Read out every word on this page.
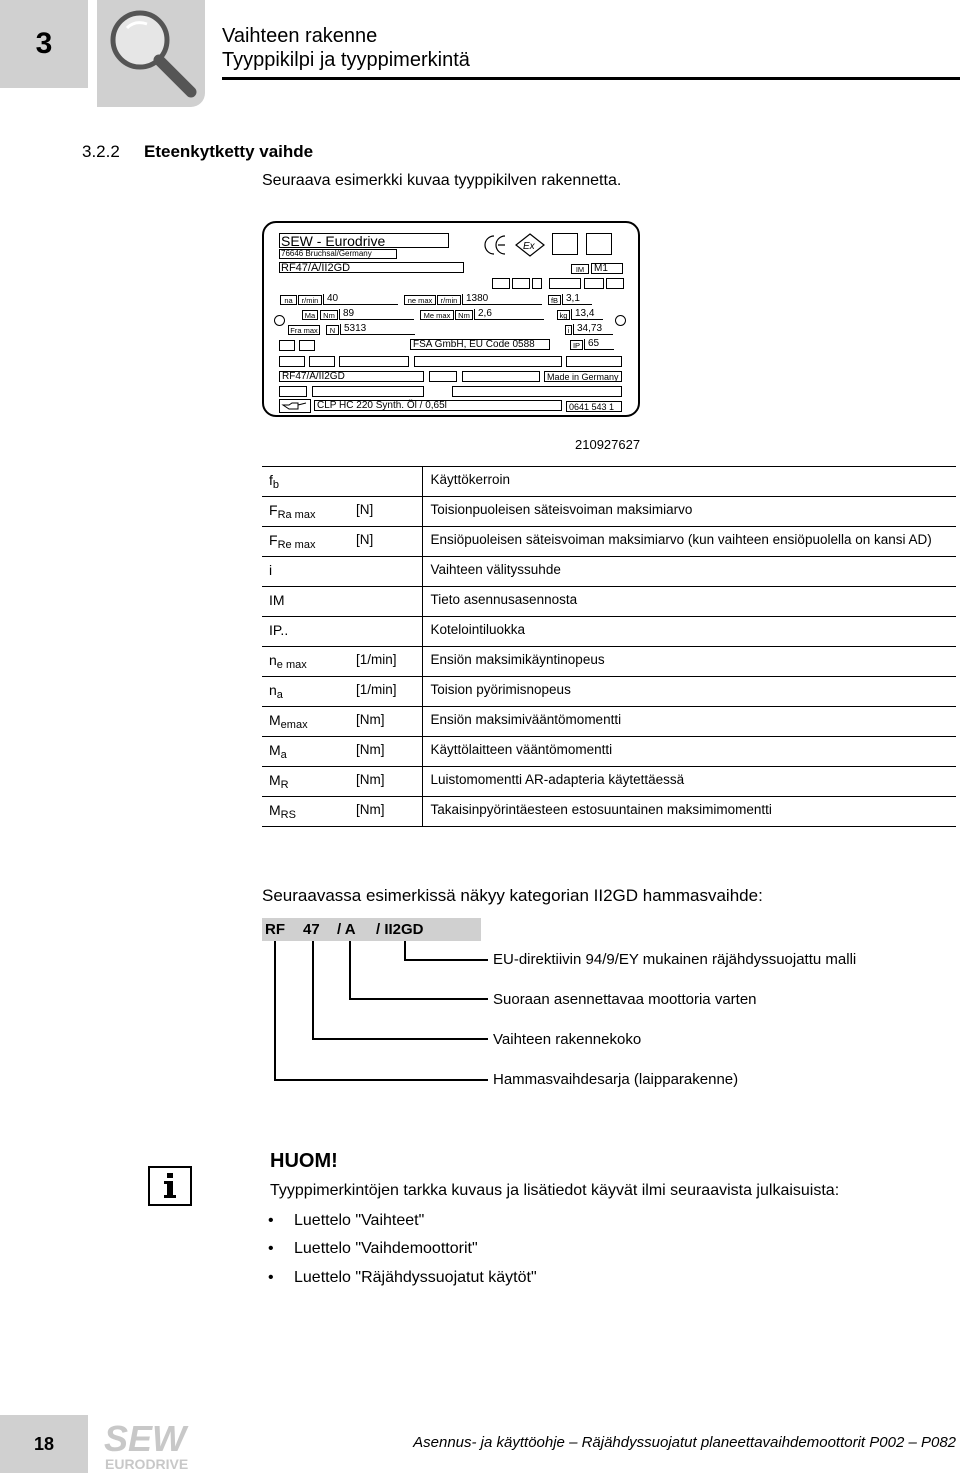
3	Vaihteen rakenne
Tyyppikilpi ja tyyppimerkintä
3.2.2 Eteenkytketty vaihde
Seuraava esimerkki kuvaa tyyppikilven rakennetta.
SEW - Eurodrive
76646 Bruchsal/Germany
Ex
RF47/A/II2GD	IM M1
na	r/min 40	ne max	r/min 1380	fB 3,1
Ma	Nm 89	Me max	Nm 2,6	kg 13,4
Fra max	N 5313	i 34,73
FSA GmbH, EU Code 0588	IP 65
RF47/A/II2GD	Made in Germany
CLP HC 220 Synth. Öl / 0,65l	0641 543 1
210927627
$f_b$		Käyttökerroin
$F_{Ra max}$	[N]	Toisionpuoleisen säteisvoiman maksimiarvo
$F_{Re max}$	[N]	Ensiöpuoleisen säteisvoiman maksimiarvo (kun vaihteen ensiöpuolella on kansi AD)
i		Vaihteen välityssuhde
IM		Tieto asennusasennosta
IP..		Kotelointiluokka
$n_{e max}$	[1/min]	Ensiön maksimikäyntinopeus
$n_a$	[1/min]	Toision pyörimisnopeus
$M_{emax}$	[Nm]	Ensiön maksimivääntömomentti
$M_a$	[Nm]	Käyttölaitteen vääntömomentti
$M_R$	[Nm]	Luistomomentti AR-adapteria käytettäessä
$M_{RS}$	[Nm]	Takaisinpyörintäesteen estosuuntainen maksimimomentti
Seuraavassa esimerkissä näkyy kategorian II2GD hammasvaihde:
RF 47 / A / II2GD
EU-direktiivin 94/9/EY mukainen räjähdyssuojattu malli
Suoraan asennettavaa moottoria varten
Vaihteen rakennekoko
Hammasvaihdesarja (laipparakenne)
HUOM!
Tyyppimerkintöjen tarkka kuvaus ja lisätiedot käyvät ilmi seuraavista julkaisuista:
• Luettelo "Vaihteet"
• Luettelo "Vaihdemoottorit"
• Luettelo "Räjähdyssuojatut käytöt"
18 SEW
EURODRIVE
Asennus- ja käyttöohje – Räjähdyssuojatut planeettavaihdemoottorit P002 – P082
